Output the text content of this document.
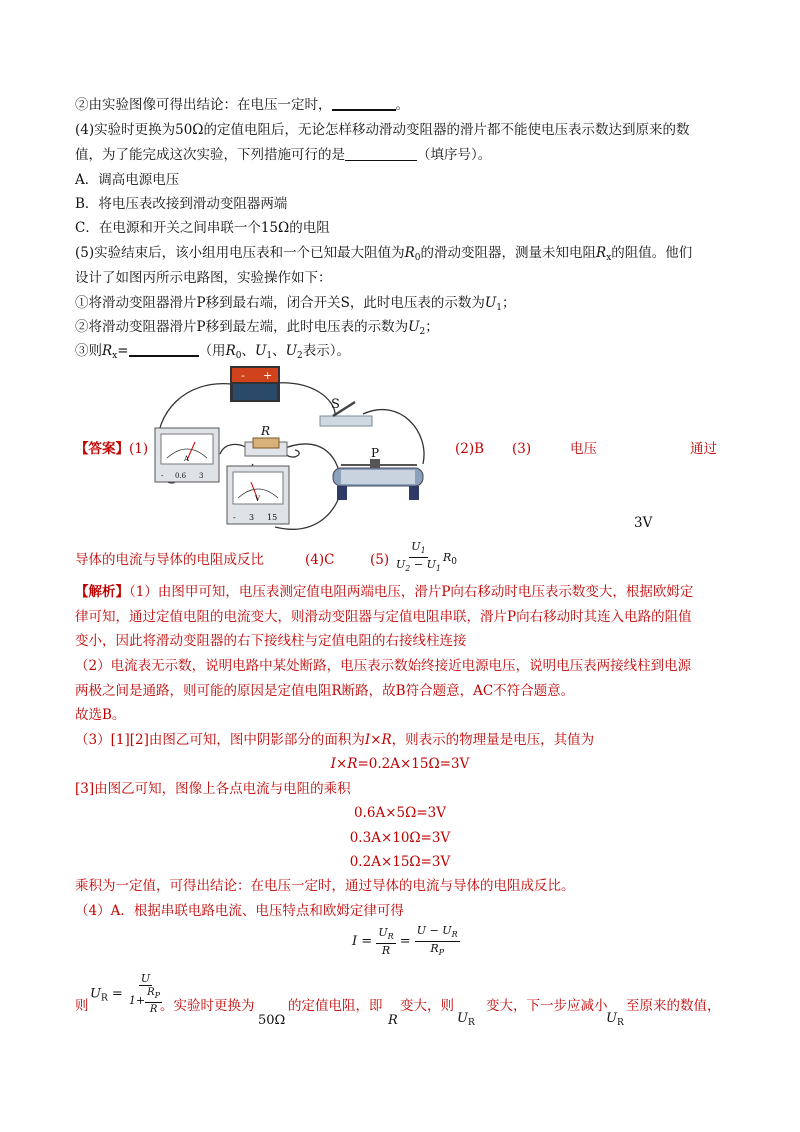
②由实验图像可得出结论：在电压一定时，	。
(4)实验时更换为50Ω的定值电阻后，无论怎样移动滑动变阻器的滑片都不能使电压表示数达到原来的数
值，为了能完成这次实验，下列措施可行的是	（填序号）。
A．调高电源电压
B．将电压表改接到滑动变阻器两端
C．在电源和开关之间串联一个15Ω的电阻
(5)实验结束后，该小组用电压表和一个已知最大阻值为$R_0$的滑动变阻器，测量未知电阻$R_x$的阻值。他们
设计了如图丙所示电路图，实验操作如下：
①将滑动变阻器滑片P移到最右端，闭合开关S，此时电压表的示数为$U_1$；
②将滑动变阻器滑片P移到最左端，此时电压表的示数为$U_2$；
③则$R_x=$	（用$R_0$、$U_1$、$U_2$表示）。
- +
S
R
A
- 0.6 3
V
- 3 15
P
【答案】(1)	(2)B (3)	电压	通过
3V
导体的电流与导体的电阻成反比	(4)C	$(5) \frac{U_1}{U_2 - U_1} R_0$
【解析】（1）由图甲可知，电压表测定值电阻两端电压，滑片P向右移动时电压表示数变大，根据欧姆定
律可知，通过定值电阻的电流变大，则滑动变阻器与定值电阻串联，滑片P向右移动时其连入电路的阻值
变小，因此将滑动变阻器的右下接线柱与定值电阻的右接线柱连接
（2）电流表无示数，说明电路中某处断路，电压表示数始终接近电源电压，说明电压表两接线柱到电源
两极之间是通路，则可能的原因是定值电阻R断路，故B符合题意，AC不符合题意。
故选B。
（3）[1][2]由图乙可知，图中阴影部分的面积为I×R，则表示的物理量是电压，其值为
I×R=0.2A×15Ω=3V
[3]由图乙可知，图像上各点电流与电阻的乘积
0.6A×5Ω=3V
0.3A×10Ω=3V
0.2A×15Ω=3V
乘积为一定值，可得出结论：在电压一定时，通过导体的电流与导体的电阻成反比。
（4）A．根据串联电路电流、电压特点和欧姆定律可得
$I = \frac{U_R}{R} = \frac{U - U_R}{R_P}$
则
$U_R = \frac{U}{1+ \frac{R_P}{R}}$
。实验时更换为 的定值电阻，即 变大，则 变大，下一步应减小 至原来的数值，
50Ω	R	$U_R$	$U_R$
